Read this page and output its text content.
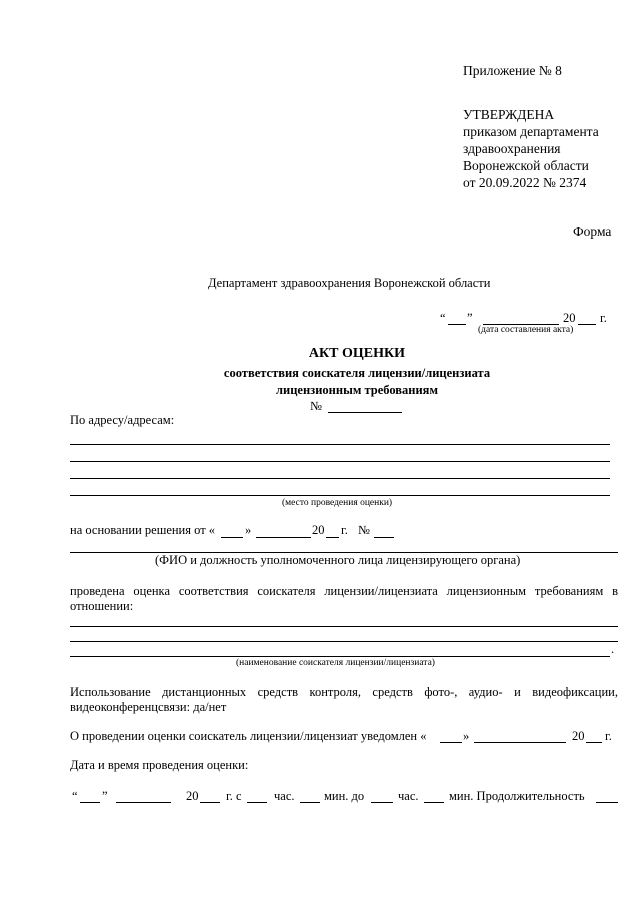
Приложение № 8
УТВЕРЖДЕНА
приказом департамента
здравоохранения
Воронежской области
от 20.09.2022 № 2374
Форма
Департамент здравоохранения Воронежской области
“ ”	20 г.
(дата составления акта)
АКТ ОЦЕНКИ
соответствия соискателя лицензии/лицензиата
лицензионным требованиям
№
По адресу/адресам:
(место проведения оценки)
на основании решения от « »	20 г. №
(ФИО и должность уполномоченного лица лицензирующего органа)
проведена оценка соответствия соискателя лицензии/лицензиата лицензионным требованиям в
отношении:
.
(наименование соискателя лицензии/лицензиата)
Использование дистанционных средств контроля, средств фото-, аудио- и видеофиксации,
видеоконференцсвязи: да/нет
О проведении оценки соискатель лицензии/лицензиат уведомлен «	»	20 г.
Дата и время проведения оценки:
“ ”	20 г. с	час. мин. до	час. мин. Продолжительность
